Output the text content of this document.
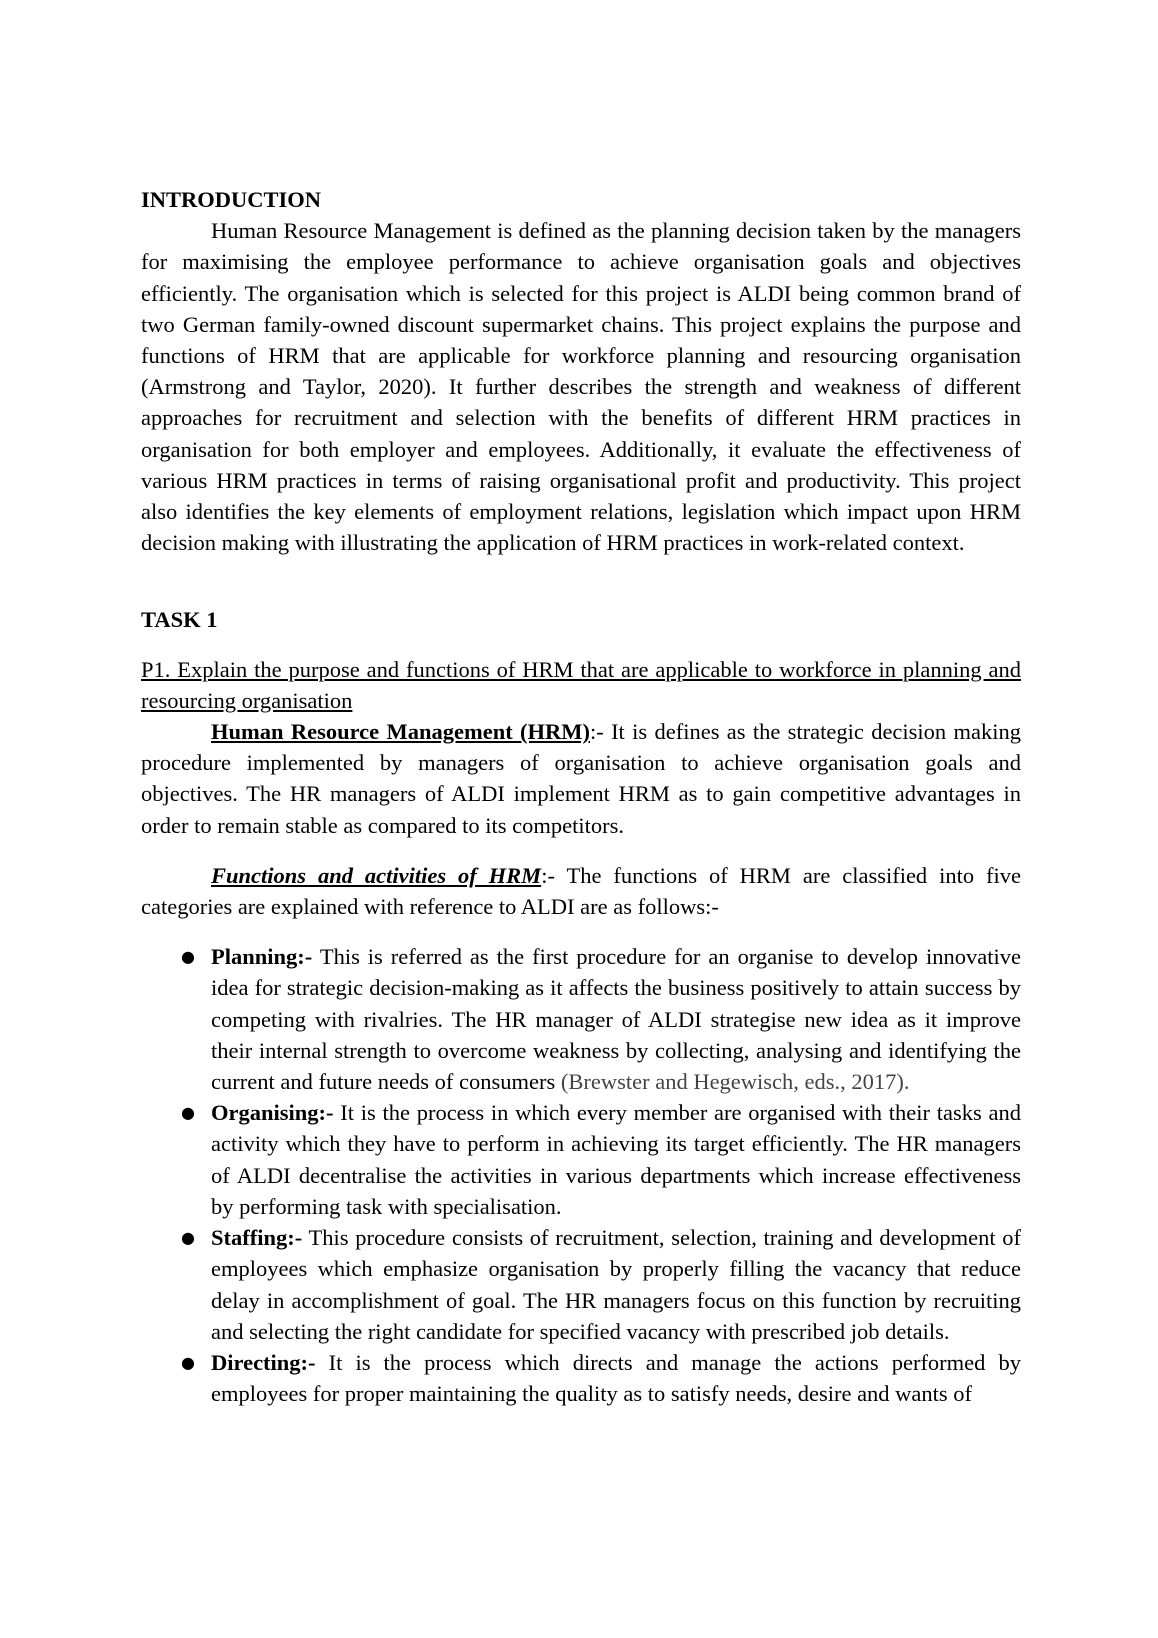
INTRODUCTION

Human Resource Management is defined as the planning decision taken by the managers for maximising the employee performance to achieve organisation goals and objectives efficiently. The organisation which is selected for this project is ALDI being common brand of two German family-owned discount supermarket chains. This project explains the purpose and functions of HRM that are applicable for workforce planning and resourcing organisation (Armstrong and Taylor, 2020). It further describes the strength and weakness of different approaches for recruitment and selection with the benefits of different HRM practices in organisation for both employer and employees. Additionally, it evaluate the effectiveness of various HRM practices in terms of raising organisational profit and productivity. This project also identifies the key elements of employment relations, legislation which impact upon HRM decision making with illustrating the application of HRM practices in work-related context.

TASK 1

P1. Explain the purpose and functions of HRM that are applicable to workforce in planning and resourcing organisation

Human Resource Management (HRM):- It is defines as the strategic decision making procedure implemented by managers of organisation to achieve organisation goals and objectives. The HR managers of ALDI implement HRM as to gain competitive advantages in order to remain stable as compared to its competitors.

Functions and activities of HRM:- The functions of HRM are classified into five categories are explained with reference to ALDI are as follows:-

● Planning:- This is referred as the first procedure for an organise to develop innovative idea for strategic decision-making as it affects the business positively to attain success by competing with rivalries. The HR manager of ALDI strategise new idea as it improve their internal strength to overcome weakness by collecting, analysing and identifying the current and future needs of consumers (Brewster and Hegewisch, eds., 2017).
● Organising:- It is the process in which every member are organised with their tasks and activity which they have to perform in achieving its target efficiently. The HR managers of ALDI decentralise the activities in various departments which increase effectiveness by performing task with specialisation.
● Staffing:- This procedure consists of recruitment, selection, training and development of employees which emphasize organisation by properly filling the vacancy that reduce delay in accomplishment of goal. The HR managers focus on this function by recruiting and selecting the right candidate for specified vacancy with prescribed job details.
● Directing:- It is the process which directs and manage the actions performed by employees for proper maintaining the quality as to satisfy needs, desire and wants of
